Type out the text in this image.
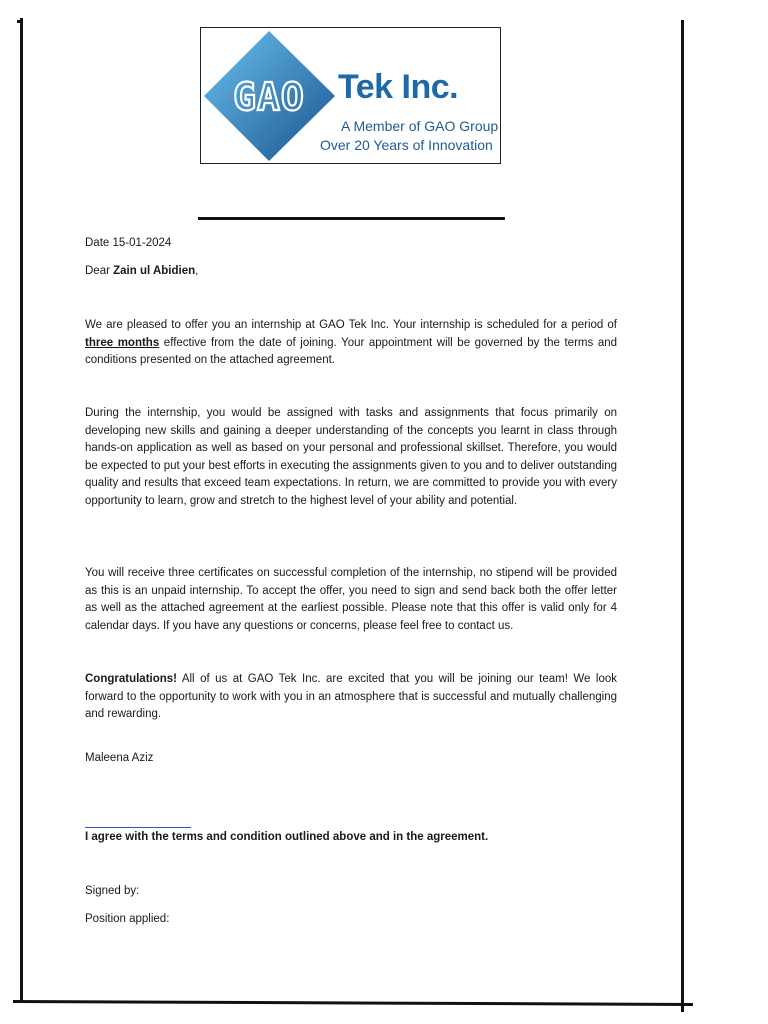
GAO Tek Inc.
A Member of GAO Group
Over 20 Years of Innovation
Date 15-01-2024
Dear Zain ul Abidien,
We are pleased to offer you an internship at GAO Tek Inc. Your internship is scheduled for a period of three months effective from the date of joining. Your appointment will be governed by the terms and conditions presented on the attached agreement.
During the internship, you would be assigned with tasks and assignments that focus primarily on developing new skills and gaining a deeper understanding of the concepts you learnt in class through hands-on application as well as based on your personal and professional skillset. Therefore, you would be expected to put your best efforts in executing the assignments given to you and to deliver outstanding quality and results that exceed team expectations. In return, we are committed to provide you with every opportunity to learn, grow and stretch to the highest level of your ability and potential.
You will receive three certificates on successful completion of the internship, no stipend will be provided as this is an unpaid internship. To accept the offer, you need to sign and send back both the offer letter as well as the attached agreement at the earliest possible. Please note that this offer is valid only for 4 calendar days. If you have any questions or concerns, please feel free to contact us.
Congratulations! All of us at GAO Tek Inc. are excited that you will be joining our team! We look forward to the opportunity to work with you in an atmosphere that is successful and mutually challenging and rewarding.
Maleena Aziz
I agree with the terms and condition outlined above and in the agreement.
Signed by:
Position applied:
